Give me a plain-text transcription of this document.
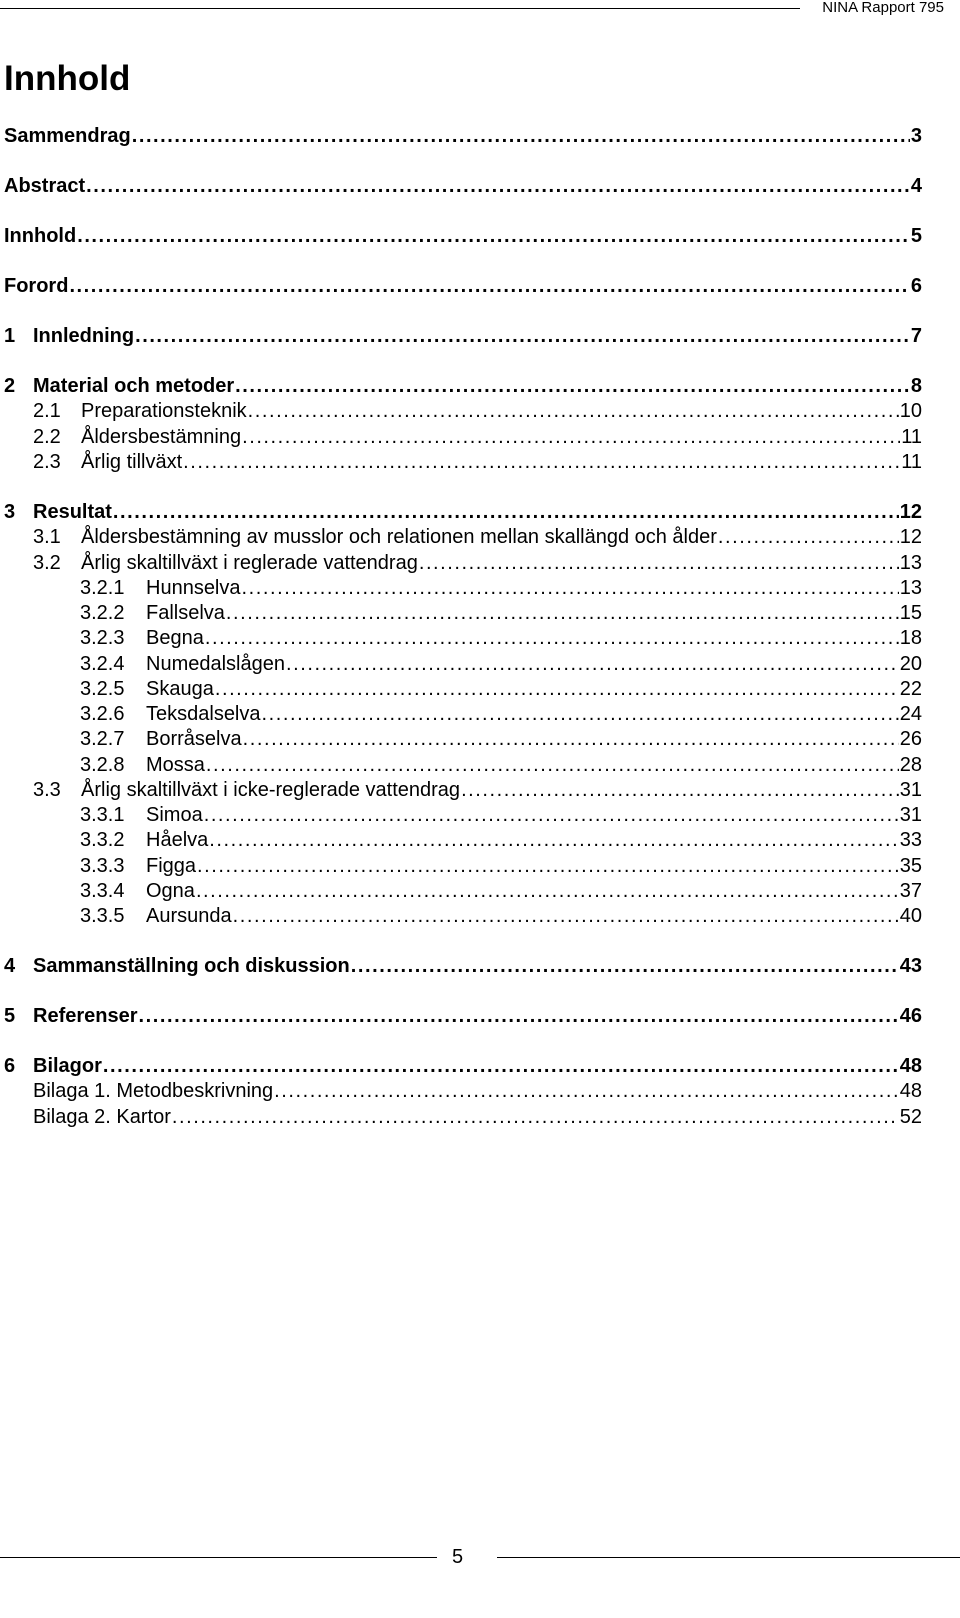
NINA Rapport 795
Innhold
Sammendrag . . .	3
Abstract . . .	4
Innhold . . .	5
Forord . . .	6
1 Innledning . . .	7
2 Material och metoder . . .	8
2.1	Preparationsteknik . . .	10
2.2	Åldersbestämning . . .	11
2.3	Årlig tillväxt . . .	11
3 Resultat . . .	12
3.1	Åldersbestämning av musslor och relationen mellan skallängd och ålder . . .	12
3.2	Årlig skaltillväxt i reglerade vattendrag . . .	13
3.2.1	Hunnselva . . .	13
3.2.2	Fallselva . . .	15
3.2.3	Begna . . .	18
3.2.4	Numedalslågen . . .	20
3.2.5	Skauga . . .	22
3.2.6	Teksdalselva . . .	24
3.2.7	Borråselva . . .	26
3.2.8	Mossa . . .	28
3.3	Årlig skaltillväxt i icke-reglerade vattendrag . . .	31
3.3.1	Simoa . . .	31
3.3.2	Håelva . . .	33
3.3.3	Figga . . .	35
3.3.4	Ogna . . .	37
3.3.5	Aursunda . . .	40
4 Sammanställning och diskussion . . .	43
5 Referenser . . .	46
6 Bilagor . . .	48
Bilaga 1. Metodbeskrivning . . .	48
Bilaga 2. Kartor . . .	52
5
